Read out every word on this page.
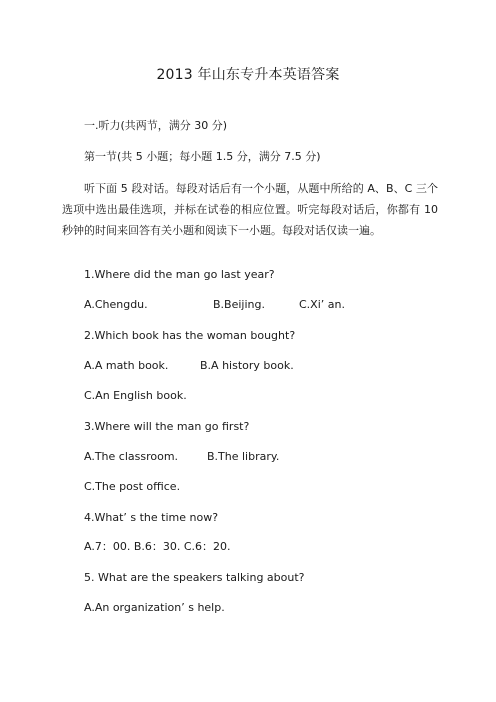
2013 年山东专升本英语答案
一.听力(共两节，满分 30 分)
第一节(共 5 小题；每小题 1.5 分，满分 7.5 分)
听下面 5 段对话。每段对话后有一个小题，从题中所给的 A、B、C 三个选项中选出最佳选项，并标在试卷的相应位置。听完每段对话后，你都有 10 秒钟的时间来回答有关小题和阅读下一小题。每段对话仅读一遍。
1.Where did the man go last year?
A.Chengdu.	B.Beijing.	C.Xi’ an.
2.Which book has the woman bought?
A.A math book.	B.A history book.
C.An English book.
3.Where will the man go first?
A.The classroom.	B.The library.
C.The post office.
4.What’ s the time now?
A.7：00. B.6：30. C.6：20.
5. What are the speakers talking about?
A.An organization’ s help.
